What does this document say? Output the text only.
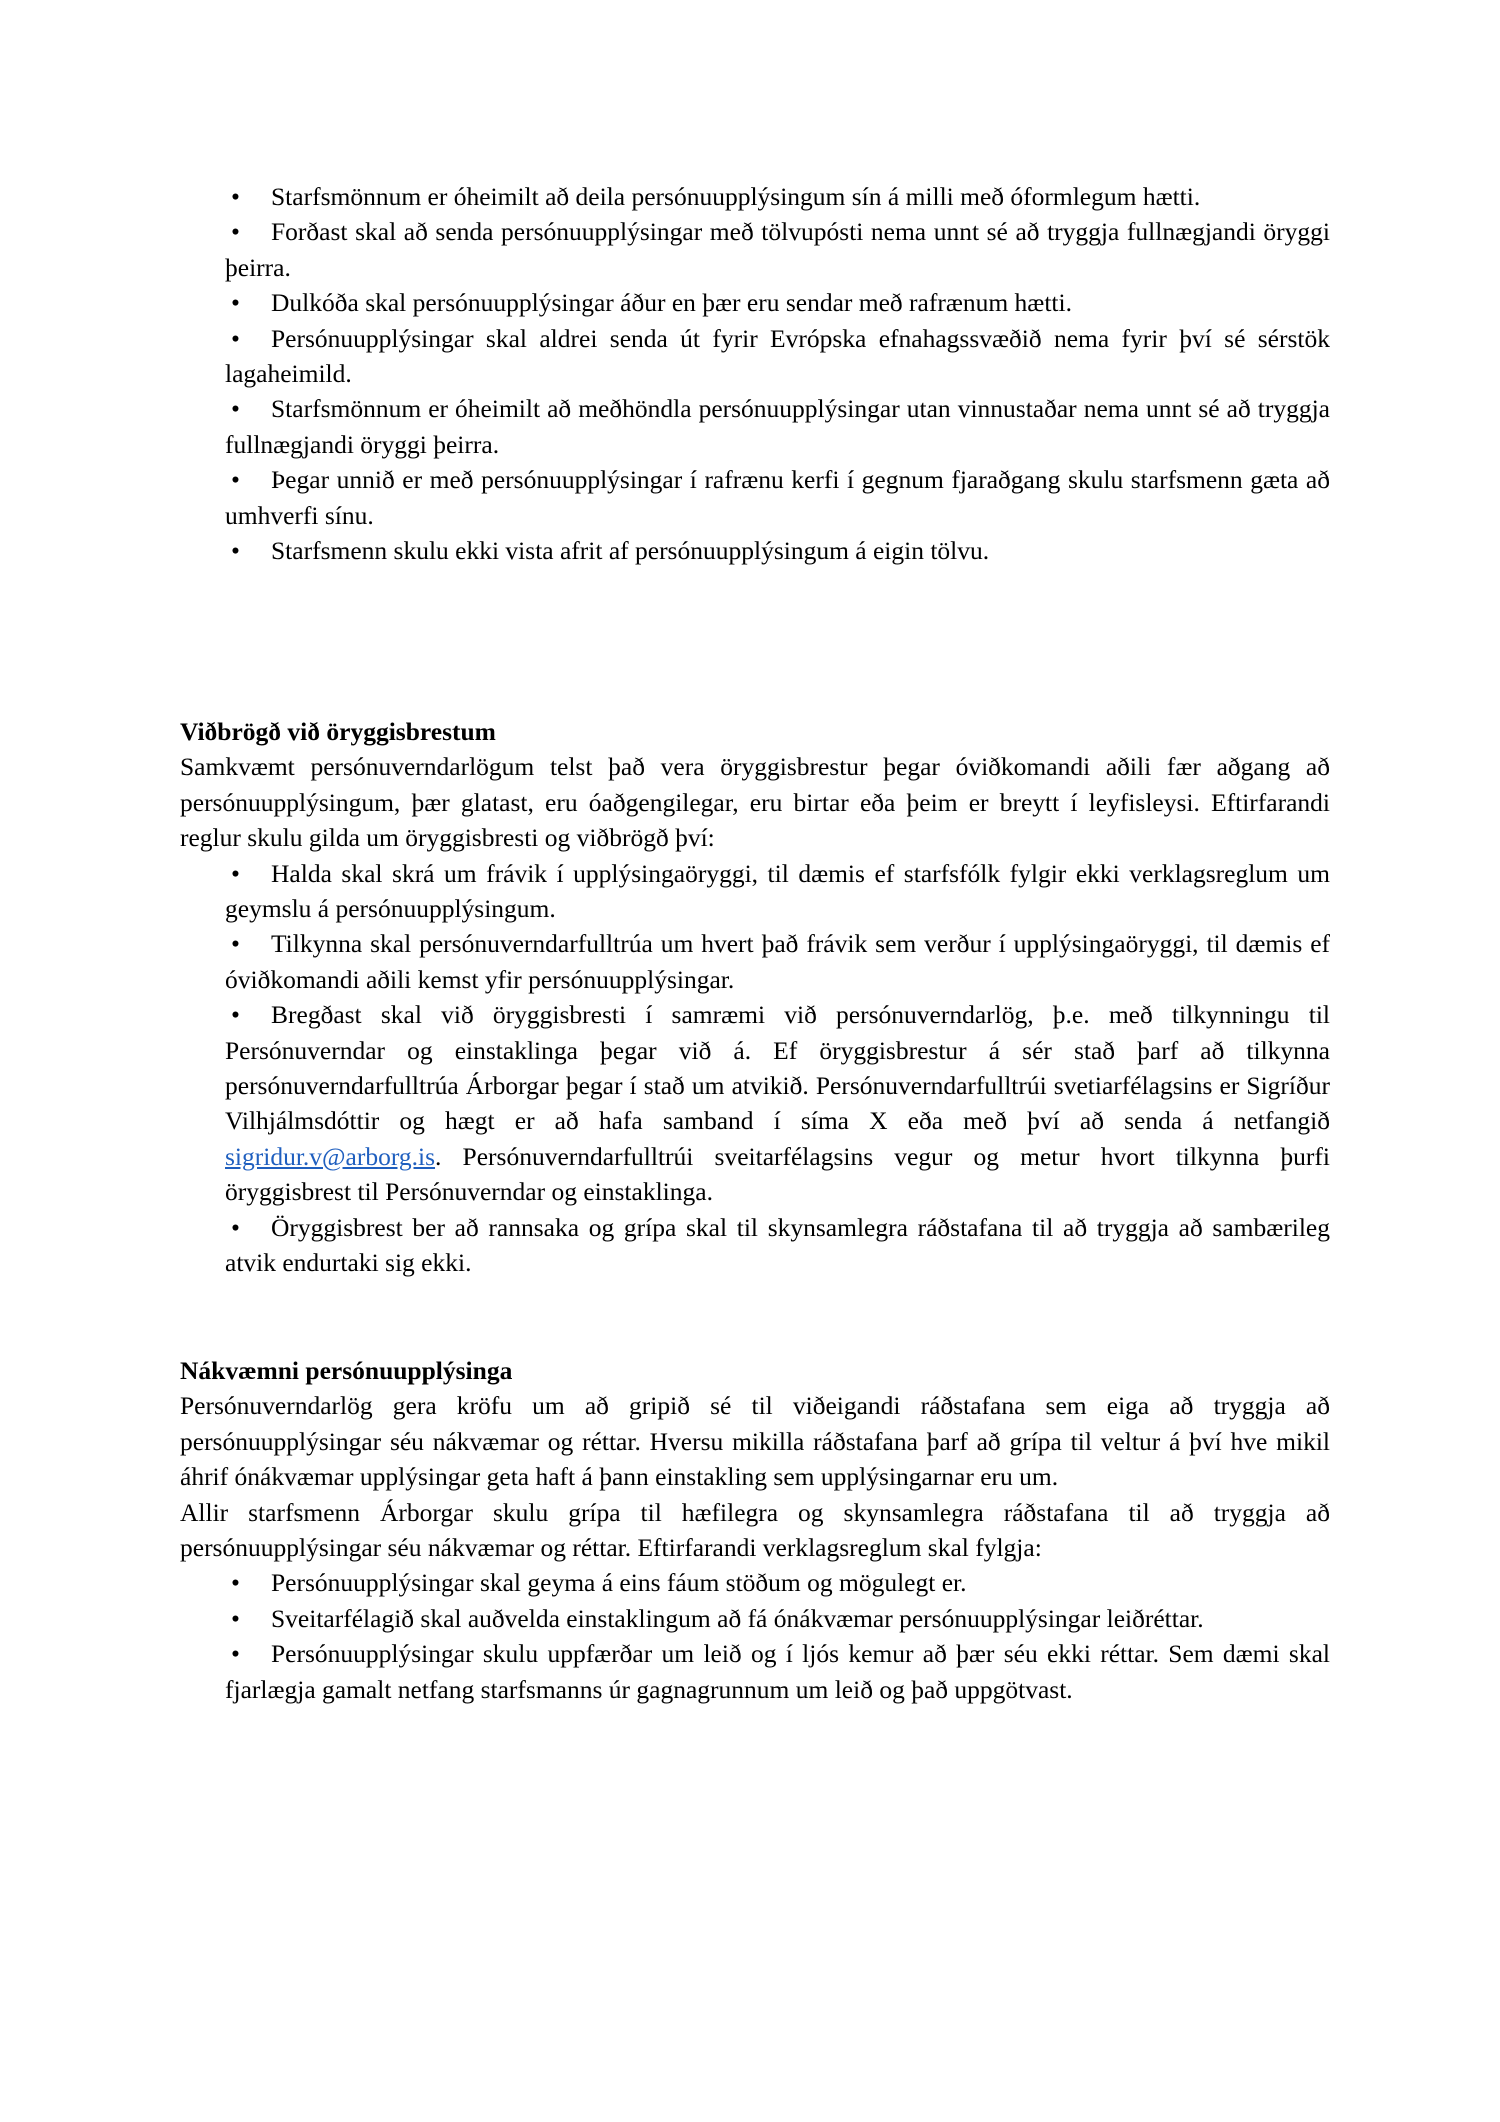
• Starfsmönnum er óheimilt að deila persónuupplýsingum sín á milli með óformlegum hætti.

• Forðast skal að senda persónuupplýsingar með tölvupósti nema unnt sé að tryggja fullnægjandi öryggi þeirra.

• Dulkóða skal persónuupplýsingar áður en þær eru sendar með rafrænum hætti.

• Persónuupplýsingar skal aldrei senda út fyrir Evrópska efnahagssvæðið nema fyrir því sé sérstök lagaheimild.

• Starfsmönnum er óheimilt að meðhöndla persónuupplýsingar utan vinnustaðar nema unnt sé að tryggja fullnægjandi öryggi þeirra.

• Þegar unnið er með persónuupplýsingar í rafrænu kerfi í gegnum fjaraðgang skulu starfsmenn gæta að umhverfi sínu.

• Starfsmenn skulu ekki vista afrit af persónuupplýsingum á eigin tölvu.

Viðbrögð við öryggisbrestum

Samkvæmt persónuverndarlögum telst það vera öryggisbrestur þegar óviðkomandi aðili fær aðgang að persónuupplýsingum, þær glatast, eru óaðgengilegar, eru birtar eða þeim er breytt í leyfisleysi. Eftirfarandi reglur skulu gilda um öryggisbresti og viðbrögð því:

• Halda skal skrá um frávik í upplýsingaöryggi, til dæmis ef starfsfólk fylgir ekki verklagsreglum um geymslu á persónuupplýsingum.

• Tilkynna skal persónuverndarfulltrúa um hvert það frávik sem verður í upplýsingaöryggi, til dæmis ef óviðkomandi aðili kemst yfir persónuupplýsingar.

• Bregðast skal við öryggisbresti í samræmi við persónuverndarlög, þ.e. með tilkynningu til Persónuverndar og einstaklinga þegar við á. Ef öryggisbrestur á sér stað þarf að tilkynna persónuverndarfulltrúa Árborgar þegar í stað um atvikið. Persónuverndarfulltrúi svetiarfélagsins er Sigríður Vilhjálmsdóttir og hægt er að hafa samband í síma X eða með því að senda á netfangið sigridur.v@arborg.is. Persónuverndarfulltrúi sveitarfélagsins vegur og metur hvort tilkynna þurfi öryggisbrest til Persónuverndar og einstaklinga.

• Öryggisbrest ber að rannsaka og grípa skal til skynsamlegra ráðstafana til að tryggja að sambærileg atvik endurtaki sig ekki.

Nákvæmni persónuupplýsinga

Persónuverndarlög gera kröfu um að gripið sé til viðeigandi ráðstafana sem eiga að tryggja að persónuupplýsingar séu nákvæmar og réttar. Hversu mikilla ráðstafana þarf að grípa til veltur á því hve mikil áhrif ónákvæmar upplýsingar geta haft á þann einstakling sem upplýsingarnar eru um.

Allir starfsmenn Árborgar skulu grípa til hæfilegra og skynsamlegra ráðstafana til að tryggja að persónuupplýsingar séu nákvæmar og réttar. Eftirfarandi verklagsreglum skal fylgja:

• Persónuupplýsingar skal geyma á eins fáum stöðum og mögulegt er.

• Sveitarfélagið skal auðvelda einstaklingum að fá ónákvæmar persónuupplýsingar leiðréttar.

• Persónuupplýsingar skulu uppfærðar um leið og í ljós kemur að þær séu ekki réttar. Sem dæmi skal fjarlægja gamalt netfang starfsmanns úr gagnagrunnum um leið og það uppgötvast.
